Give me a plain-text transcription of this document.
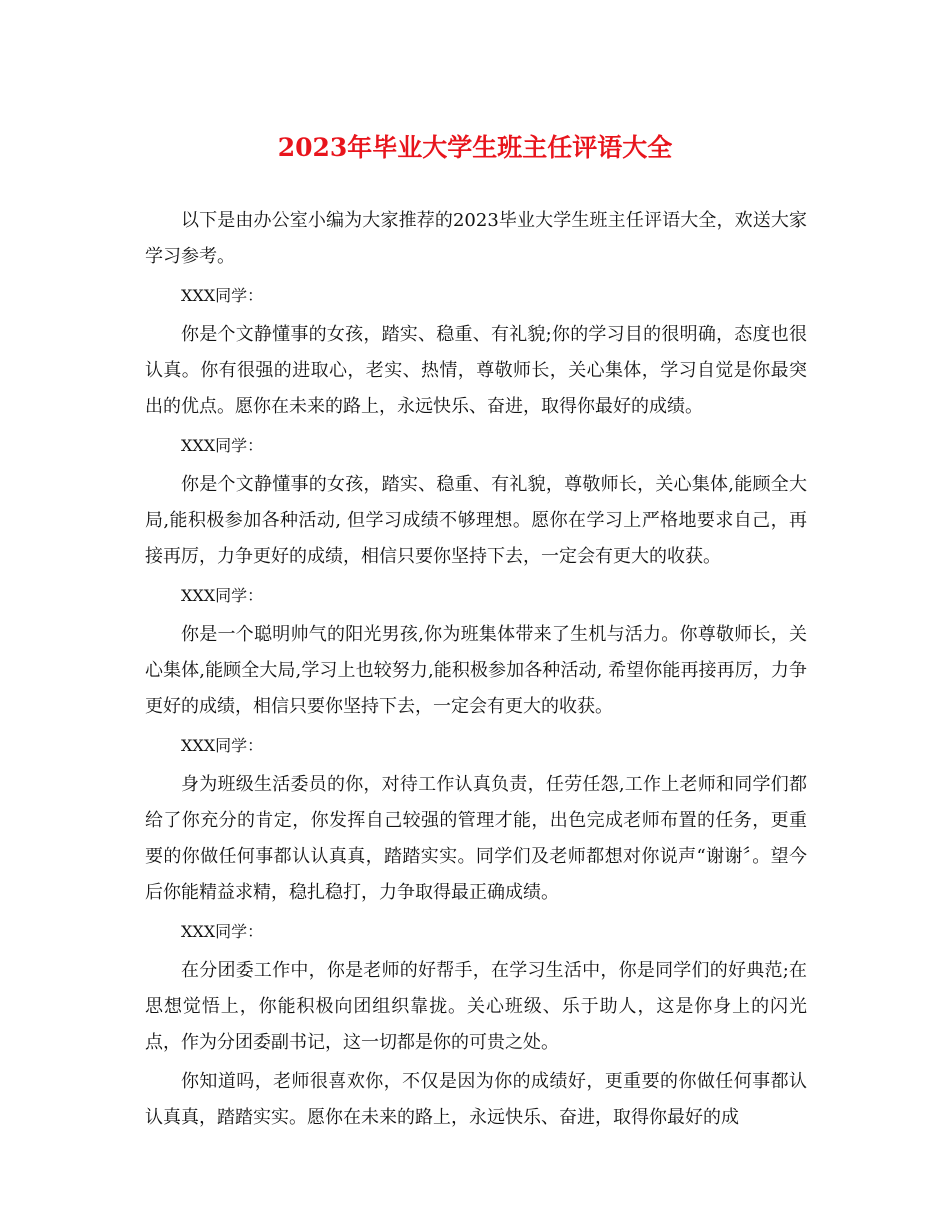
2023年毕业大学生班主任评语大全

以下是由办公室小编为大家推荐的2023毕业大学生班主任评语大全，欢送大家学习参考。

XXX同学：

你是个文静懂事的女孩，踏实、稳重、有礼貌;你的学习目的很明确，态度也很认真。你有很强的进取心，老实、热情，尊敬师长，关心集体，学习自觉是你最突出的优点。愿你在未来的路上，永远快乐、奋进，取得你最好的成绩。

XXX同学：

你是个文静懂事的女孩，踏实、稳重、有礼貌，尊敬师长，关心集体,能顾全大局,能积极参加各种活动, 但学习成绩不够理想。愿你在学习上严格地要求自己，再接再厉，力争更好的成绩，相信只要你坚持下去，一定会有更大的收获。

XXX同学：

你是一个聪明帅气的阳光男孩,你为班集体带来了生机与活力。你尊敬师长，关心集体,能顾全大局,学习上也较努力,能积极参加各种活动, 希望你能再接再厉，力争更好的成绩，相信只要你坚持下去，一定会有更大的收获。

XXX同学：

身为班级生活委员的你，对待工作认真负责，任劳任怨,工作上老师和同学们都给了你充分的肯定，你发挥自己较强的管理才能，出色完成老师布置的任务，更重要的你做任何事都认认真真，踏踏实实。同学们及老师都想对你说声“谢谢〞。望今后你能精益求精，稳扎稳打，力争取得最正确成绩。

XXX同学：

在分团委工作中，你是老师的好帮手，在学习生活中，你是同学们的好典范;在思想觉悟上，你能积极向团组织靠拢。关心班级、乐于助人，这是你身上的闪光点，作为分团委副书记，这一切都是你的可贵之处。

你知道吗，老师很喜欢你，不仅是因为你的成绩好，更重要的你做任何事都认认真真，踏踏实实。愿你在未来的路上，永远快乐、奋进，取得你最好的成
